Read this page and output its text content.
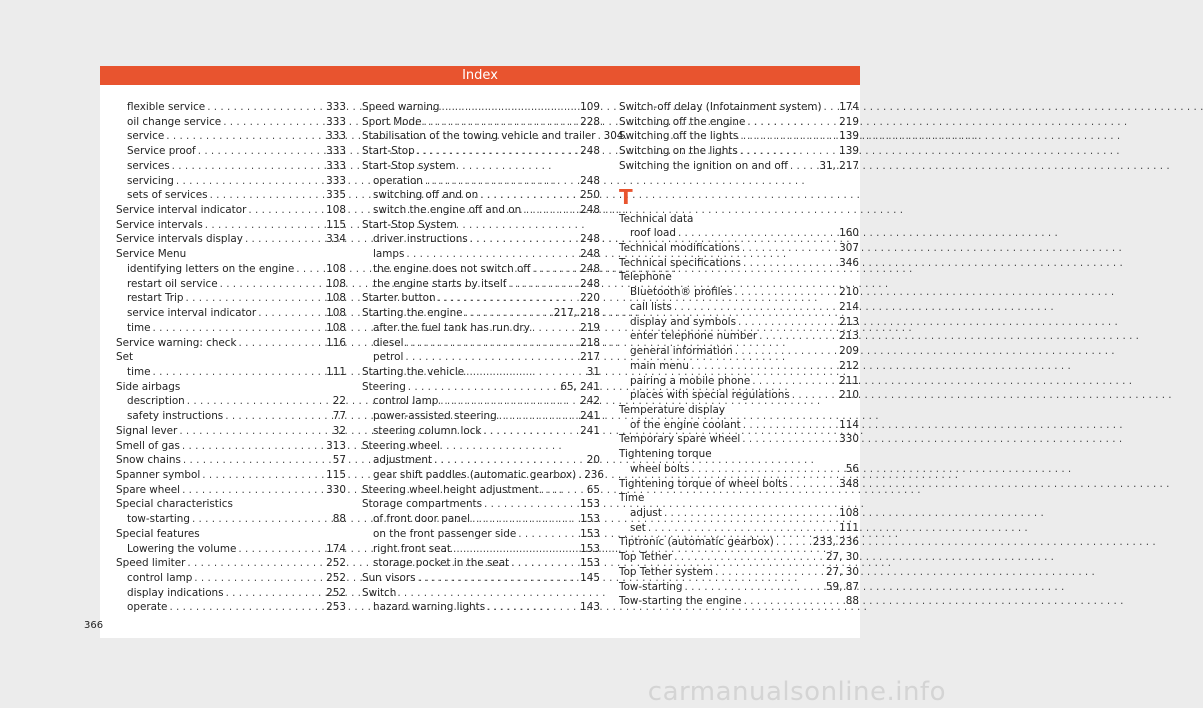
Index
flexible service . . .	333
oil change service . . .	333
service . . .	333
Service proof . . .	333
services . . .	333
servicing . . .	333
sets of services . . .	335
Service interval indicator . . .	108
Service intervals . . .	115
Service intervals display . . .	334
Service Menu
identifying letters on the engine . . .	108
restart oil service . . .	108
restart Trip . . .	108
service interval indicator . . .	108
time . . .	108
Service warning: check . . .	116
Set
time . . .	111
Side airbags
description . . .	22
safety instructions . . .	77
Signal lever . . .	32
Smell of gas . . .	313
Snow chains . . .	57
Spanner symbol . . .	115
Spare wheel . . .	330
Special characteristics
tow-starting . . .	88
Special features
Lowering the volume . . .	174
Speed limiter . . .	252
control lamp . . .	252
display indications . . .	252
operate . . .	253
Speed warning . . .	109
Sport Mode . . .	228
Stabilisation of the towing vehicle and trailer . . . 304
Start-Stop . . .	248
Start-Stop system
operation . . .	248
switching off and on . . .	250
switch the engine off and on . . .	248
Start-Stop System
driver instructions . . .	248
lamps . . .	248
the engine does not switch off . . .	248
the engine starts by itself . . .	248
Starter button . . .	220
Starting the engine . . .	217, 218
after the fuel tank has run dry . . .	219
diesel . . .	218
petrol . . .	217
Starting the vehicle . . .	31
Steering . . .	65, 241
control lamp . . .	242
power-assisted steering . . .	241
steering column lock . . .	241
Steering wheel
adjustment . . .	20
gear shift paddles (automatic gearbox) . . . 236
Steering wheel height adjustment . . .	65
Storage compartments . . .	153
of front door panel . . .	153
on the front passenger side . . .	153
right front seat . . .	153
storage pocket in the seat . . .	153
Sun visors . . .	145
Switch
hazard warning lights . . .	143
Switch-off delay (Infotainment system) . . . 174
Switching off the engine . . .	219
Switching off the lights . . .	139
Switching on the lights . . .	139
Switching the ignition on and off . . .	31, 217
T
Technical data
roof load . . .	160
Technical modifications . . .	307
Technical specifications . . .	346
Telephone
Bluetooth® profiles . . .	210
call lists . . .	214
display and symbols . . .	213
enter telephone number . . .	213
general information . . .	209
main menu . . .	212
pairing a mobile phone . . .	211
places with special regulations . . .	210
Temperature display
of the engine coolant . . .	114
Temporary spare wheel . . .	330
Tightening torque
wheel bolts . . .	56
Tightening torque of wheel bolts . . .	348
Time
adjust . . .	108
set . . .	111
Tiptronic (automatic gearbox) . . .	233, 236
Top Tether . . .	27, 30
Top Tether system . . .	27, 30
Tow-starting . . .	59, 87
Tow-starting the engine . . .	88
366
carmanualsonline.info
